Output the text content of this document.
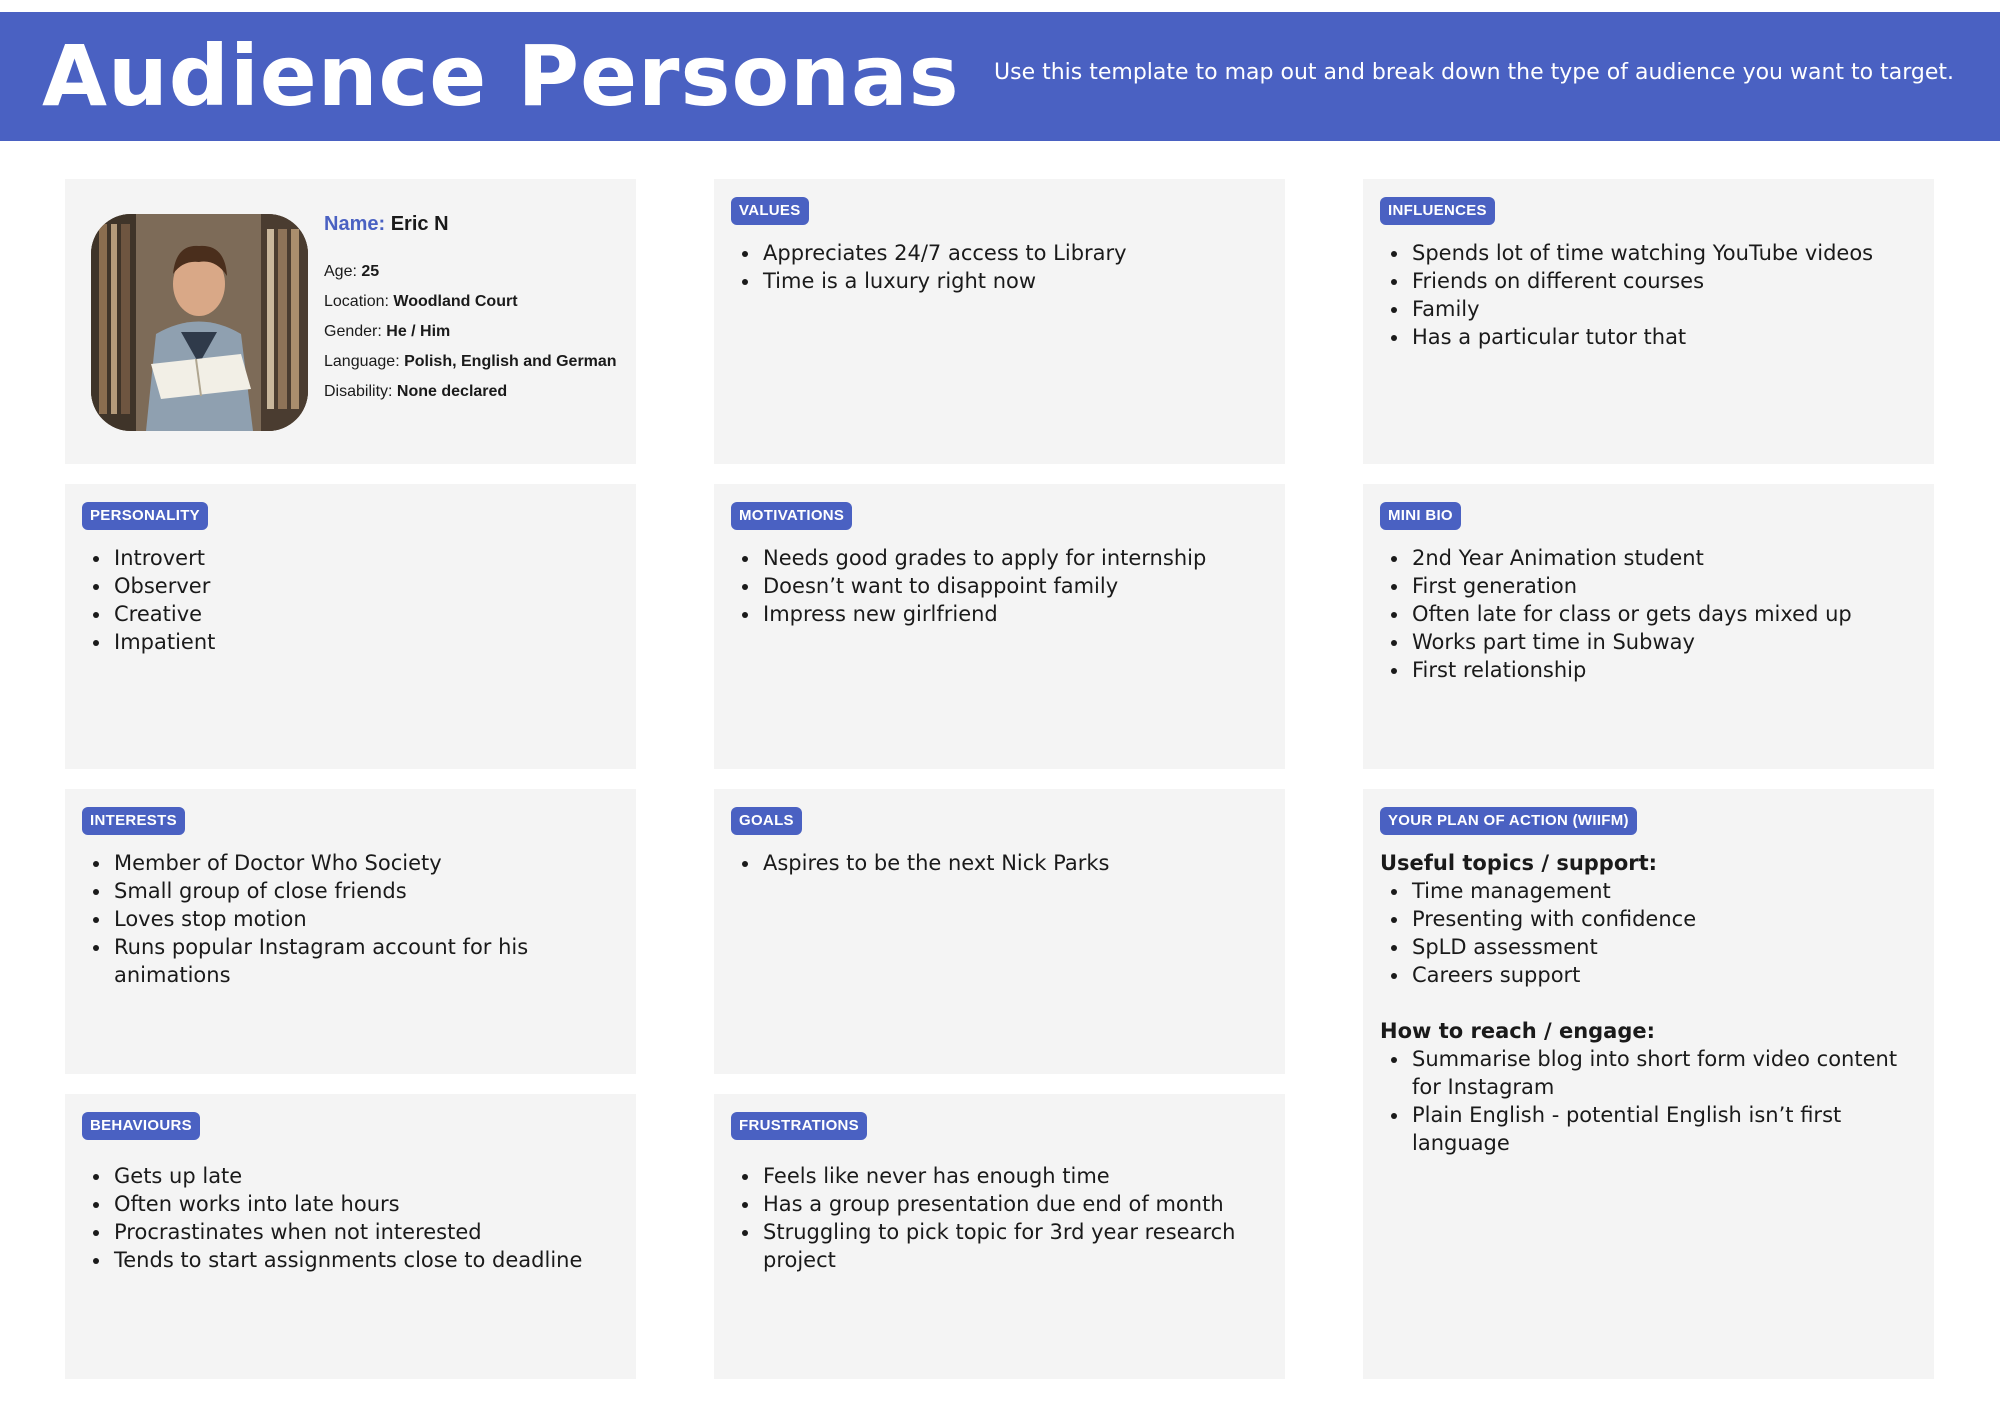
Audience Personas Use this template to map out and break down the type of audience you want to target.

Name: Eric N
Age: 25
Location: Woodland Court
Gender: He / Him
Language: Polish, English and German
Disability: None declared
VALUES
• Appreciates 24/7 access to Library
• Time is a luxury right now
INFLUENCES
• Spends lot of time watching YouTube videos
• Friends on different courses
• Family
• Has a particular tutor that
PERSONALITY
• Introvert
• Observer
• Creative
• Impatient
MOTIVATIONS
• Needs good grades to apply for internship
• Doesn’t want to disappoint family
• Impress new girlfriend
MINI BIO
• 2nd Year Animation student
• First generation
• Often late for class or gets days mixed up
• Works part time in Subway
• First relationship
INTERESTS
• Member of Doctor Who Society
• Small group of close friends
• Loves stop motion
• Runs popular Instagram account for his animations
GOALS
• Aspires to be the next Nick Parks
YOUR PLAN OF ACTION (WIIFM)

Useful topics / support:

• Time management
• Presenting with confidence
• SpLD assessment
• Careers support

How to reach / engage:

• Summarise blog into short form video content for Instagram
• Plain English - potential English isn’t first language
BEHAVIOURS
• Gets up late
• Often works into late hours
• Procrastinates when not interested
• Tends to start assignments close to deadline
FRUSTRATIONS
• Feels like never has enough time
• Has a group presentation due end of month
• Struggling to pick topic for 3rd year research project
